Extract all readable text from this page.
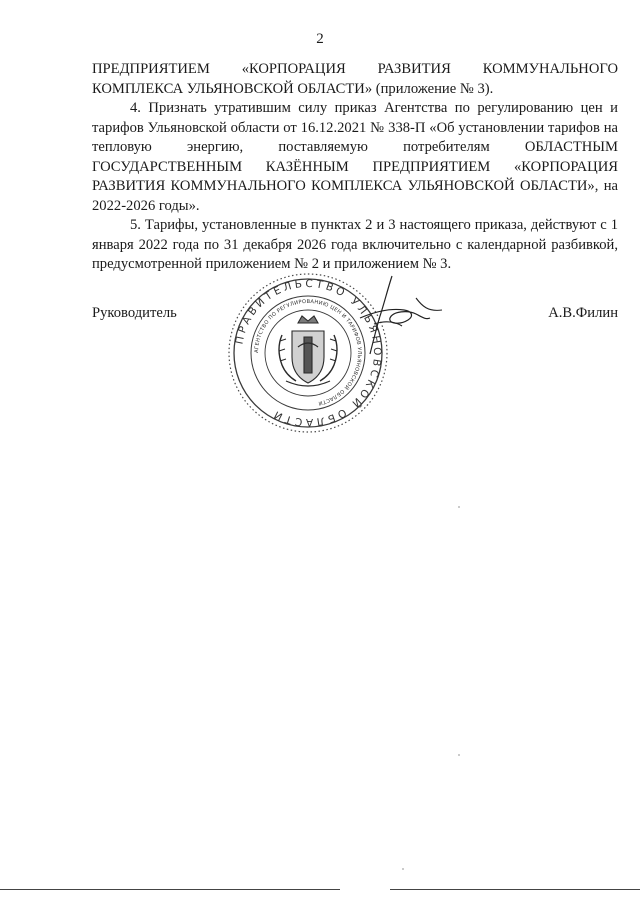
2

ПРЕДПРИЯТИЕМ «КОРПОРАЦИЯ РАЗВИТИЯ КОММУНАЛЬНОГО КОМПЛЕКСА УЛЬЯНОВСКОЙ ОБЛАСТИ» (приложение № 3).

4. Признать утратившим силу приказ Агентства по регулированию цен и тарифов Ульяновской области от 16.12.2021 № 338-П «Об установлении тарифов на тепловую энергию, поставляемую потребителям ОБЛАСТНЫМ ГОСУДАРСТВЕННЫМ КАЗЁННЫМ ПРЕДПРИЯТИЕМ «КОРПОРАЦИЯ РАЗВИТИЯ КОММУНАЛЬНОГО КОМПЛЕКСА УЛЬЯНОВСКОЙ ОБЛАСТИ», на 2022-2026 годы».

5. Тарифы, установленные в пунктах 2 и 3 настоящего приказа, действуют с 1 января 2022 года по 31 декабря 2026 года включительно с календарной разбивкой, предусмотренной приложением № 2 и приложением № 3.

Руководитель	А.В.Филин
ПРАВИТЕЛЬСТВО УЛЬЯНОВСКОЙ ОБЛАСТИ
АГЕНТСТВО ПО РЕГУЛИРОВАНИЮ ЦЕН И ТАРИФОВ УЛЬЯНОВСКОЙ ОБЛАСТИ
